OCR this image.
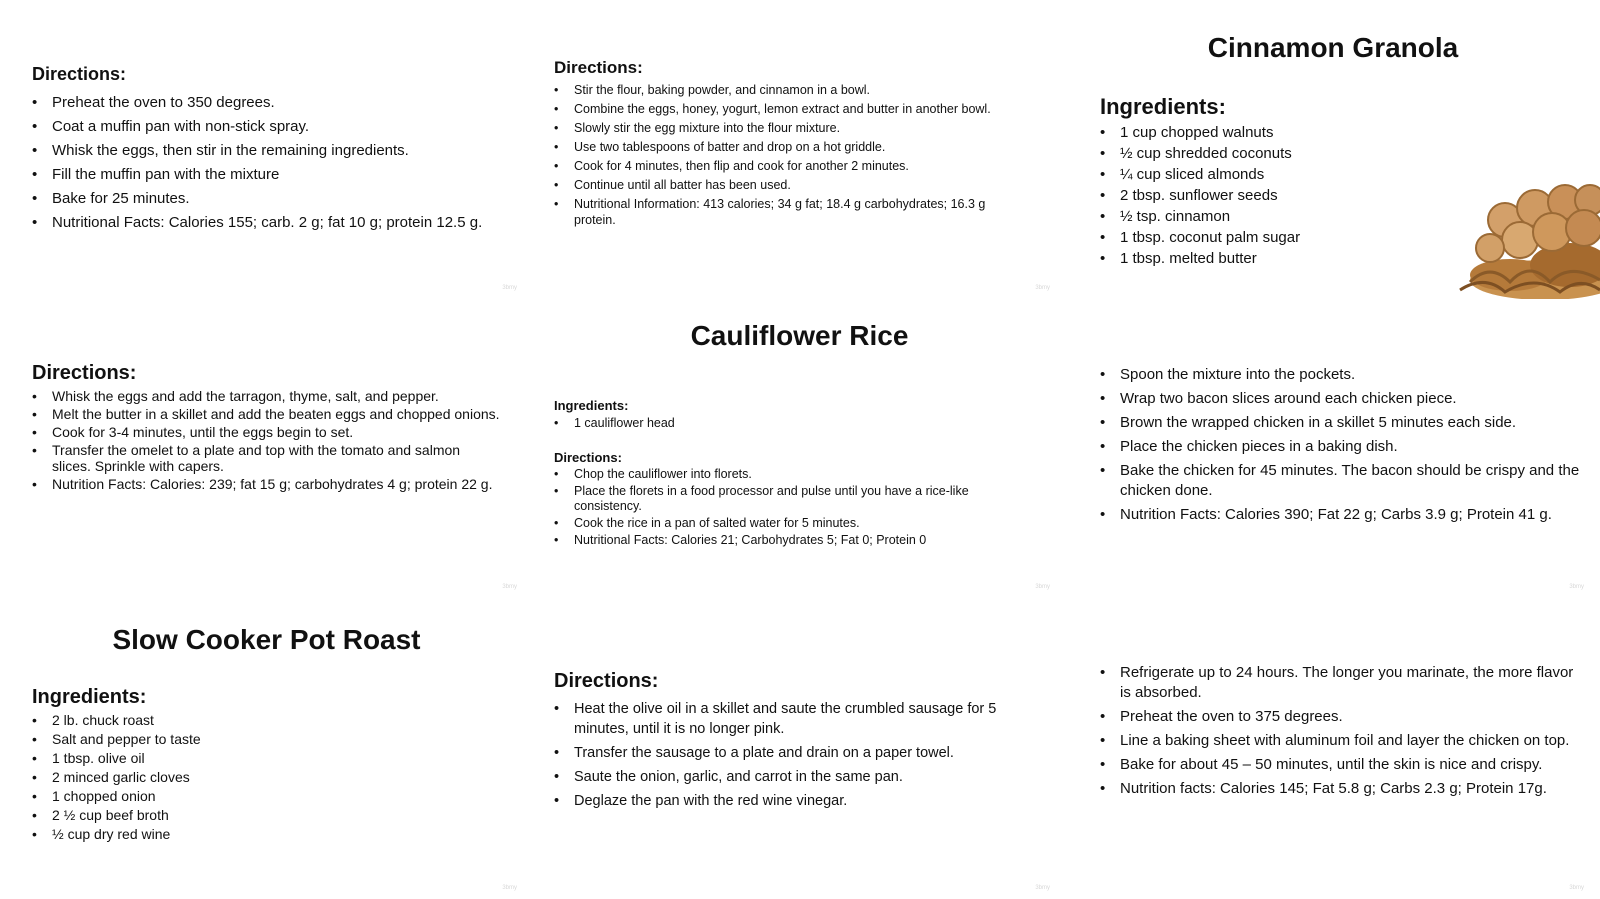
Directions:
• Preheat the oven to 350 degrees.
• Coat a muffin pan with non-stick spray.
• Whisk the eggs, then stir in the remaining ingredients.
• Fill the muffin pan with the mixture
• Bake for 25 minutes.
• Nutritional Facts: Calories 155; carb. 2 g; fat 10 g; protein 12.5 g.
3bmy
Directions:
• Stir the flour, baking powder, and cinnamon in a bowl.
• Combine the eggs, honey, yogurt, lemon extract and butter in another bowl.
• Slowly stir the egg mixture into the flour mixture.
• Use two tablespoons of batter and drop on a hot griddle.
• Cook for 4 minutes, then flip and cook for another 2 minutes.
• Continue until all batter has been used.
• Nutritional Information: 413 calories; 34 g fat; 18.4 g carbohydrates; 16.3 g protein.
3bmy
Cinnamon Granola
Ingredients:
• 1 cup chopped walnuts
• ½ cup shredded coconuts
• ¼ cup sliced almonds
• 2 tbsp. sunflower seeds
• ½ tsp. cinnamon
• 1 tbsp. coconut palm sugar
• 1 tbsp. melted butter
Directions:
• Whisk the eggs and add the tarragon, thyme, salt, and pepper.
• Melt the butter in a skillet and add the beaten eggs and chopped onions.
• Cook for 3-4 minutes, until the eggs begin to set.
• Transfer the omelet to a plate and top with the tomato and salmon slices. Sprinkle with capers.
• Nutrition Facts: Calories: 239; fat 15 g; carbohydrates 4 g; protein 22 g.
3bmy
Cauliflower Rice
Ingredients:
• 1 cauliflower head
Directions:
• Chop the cauliflower into florets.
• Place the florets in a food processor and pulse until you have a rice-like consistency.
• Cook the rice in a pan of salted water for 5 minutes.
• Nutritional Facts: Calories 21; Carbohydrates 5; Fat 0; Protein 0
3bmy
• Spoon the mixture into the pockets.
• Wrap two bacon slices around each chicken piece.
• Brown the wrapped chicken in a skillet 5 minutes each side.
• Place the chicken pieces in a baking dish.
• Bake the chicken for 45 minutes. The bacon should be crispy and the chicken done.
• Nutrition Facts: Calories 390; Fat 22 g; Carbs 3.9 g; Protein 41 g.
3bmy
Slow Cooker Pot Roast
Ingredients:
• 2 lb. chuck roast
• Salt and pepper to taste
• 1 tbsp. olive oil
• 2 minced garlic cloves
• 1 chopped onion
• 2 ½ cup beef broth
• ½ cup dry red wine
3bmy
Directions:
• Heat the olive oil in a skillet and saute the crumbled sausage for 5 minutes, until it is no longer pink.
• Transfer the sausage to a plate and drain on a paper towel.
• Saute the onion, garlic, and carrot in the same pan.
• Deglaze the pan with the red wine vinegar.
3bmy
• Refrigerate up to 24 hours. The longer you marinate, the more flavor is absorbed.
• Preheat the oven to 375 degrees.
• Line a baking sheet with aluminum foil and layer the chicken on top.
• Bake for about 45 – 50 minutes, until the skin is nice and crispy.
• Nutrition facts: Calories 145; Fat 5.8 g; Carbs 2.3 g; Protein 17g.
3bmy
